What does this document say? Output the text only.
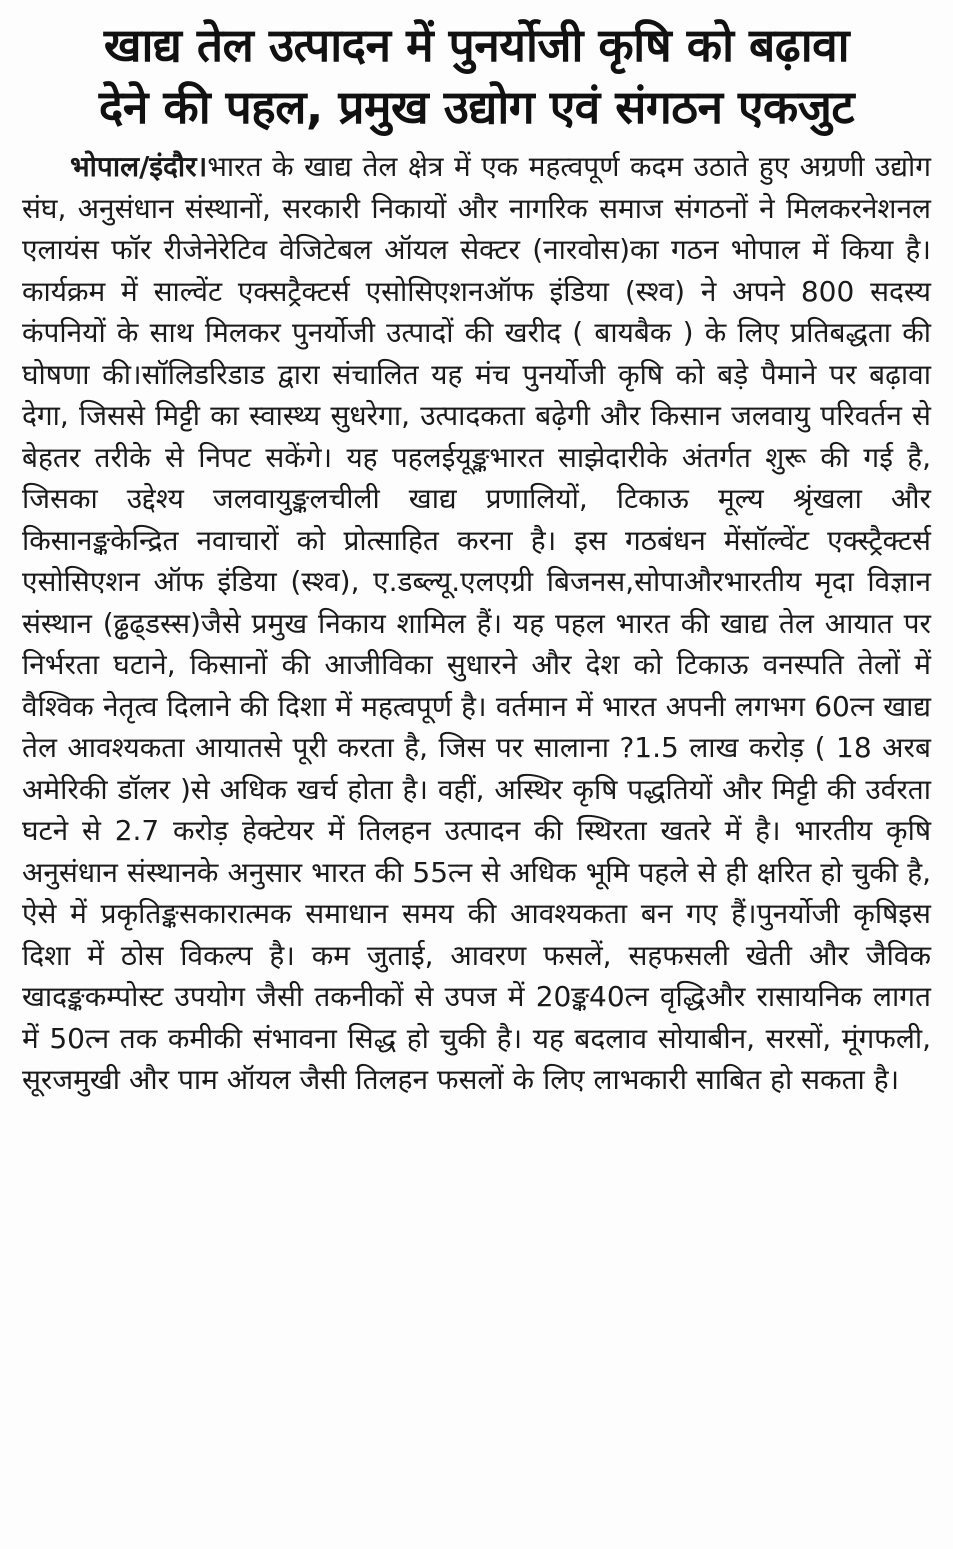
खाद्य तेल उत्पादन में पुनर्योजी कृषि को बढ़ावा
देने की पहल, प्रमुख उद्योग एवं संगठन एकजुट

भोपाल/इंदौर।भारत के खाद्य तेल क्षेत्र में एक महत्वपूर्ण कदम उठाते हुए अग्रणी उद्योग संघ, अनुसंधान संस्थानों, सरकारी निकायों और नागरिक समाज संगठनों ने मिलकरनेशनल एलायंस फॉर रीजेनेरेटिव वेजिटेबल ऑयल सेक्टर (नारवोस)का गठन भोपाल में किया है।कार्यक्रम में साल्वेंट एक्सट्रैक्टर्स एसोसिएशनऑफ इंडिया (स्श्व) ने अपने 800 सदस्य कंपनियों के साथ मिलकर पुनर्योजी उत्पादों की खरीद ( बायबैक ) के लिए प्रतिबद्धता की घोषणा की।सॉलिडरिडाड द्वारा संचालित यह मंच पुनर्योजी कृषि को बड़े पैमाने पर बढ़ावा देगा, जिससे मिट्टी का स्वास्थ्य सुधरेगा, उत्पादकता बढ़ेगी और किसान जलवायु परिवर्तन से बेहतर तरीके से निपट सकेंगे। यह पहलईयूङ्कभारत साझेदारीके अंतर्गत शुरू की गई है, जिसका उद्देश्य जलवायुङ्कलचीली खाद्य प्रणालियों, टिकाऊ मूल्य श्रृंखला और किसानङ्ककेन्द्रित नवाचारों को प्रोत्साहित करना है। इस गठबंधन मेंसॉल्वेंट एक्स्ट्रैक्टर्स एसोसिएशन ऑफ इंडिया (स्श्व), ए.डब्ल्यू.एलएग्री बिजनस,सोपाऔरभारतीय मृदा विज्ञान संस्थान (ढ्ढढ्डस्स)जैसे प्रमुख निकाय शामिल हैं। यह पहल भारत की खाद्य तेल आयात पर निर्भरता घटाने, किसानों की आजीविका सुधारने और देश को टिकाऊ वनस्पति तेलों में वैश्विक नेतृत्व दिलाने की दिशा में महत्वपूर्ण है। वर्तमान में भारत अपनी लगभग 60त्न खाद्य तेल आवश्यकता आयातसे पूरी करता है, जिस पर सालाना ?1.5 लाख करोड़ ( 18 अरब अमेरिकी डॉलर )से अधिक खर्च होता है। वहीं, अस्थिर कृषि पद्धतियों और मिट्टी की उर्वरता घटने से 2.7 करोड़ हेक्टेयर में तिलहन उत्पादन की स्थिरता खतरे में है। भारतीय कृषि अनुसंधान संस्थानके अनुसार भारत की 55त्न से अधिक भूमि पहले से ही क्षरित हो चुकी है, ऐसे में प्रकृतिङ्कसकारात्मक समाधान समय की आवश्यकता बन गए हैं।पुनर्योजी कृषिइस दिशा में ठोस विकल्प है। कम जुताई, आवरण फसलें, सहफसली खेती और जैविक खादङ्ककम्पोस्ट उपयोग जैसी तकनीकों से उपज में 20ङ्क40त्न वृद्धिऔर रासायनिक लागत में 50त्न तक कमीकी संभावना सिद्ध हो चुकी है। यह बदलाव सोयाबीन, सरसों, मूंगफली, सूरजमुखी और पाम ऑयल जैसी तिलहन फसलों के लिए लाभकारी साबित हो सकता है।
